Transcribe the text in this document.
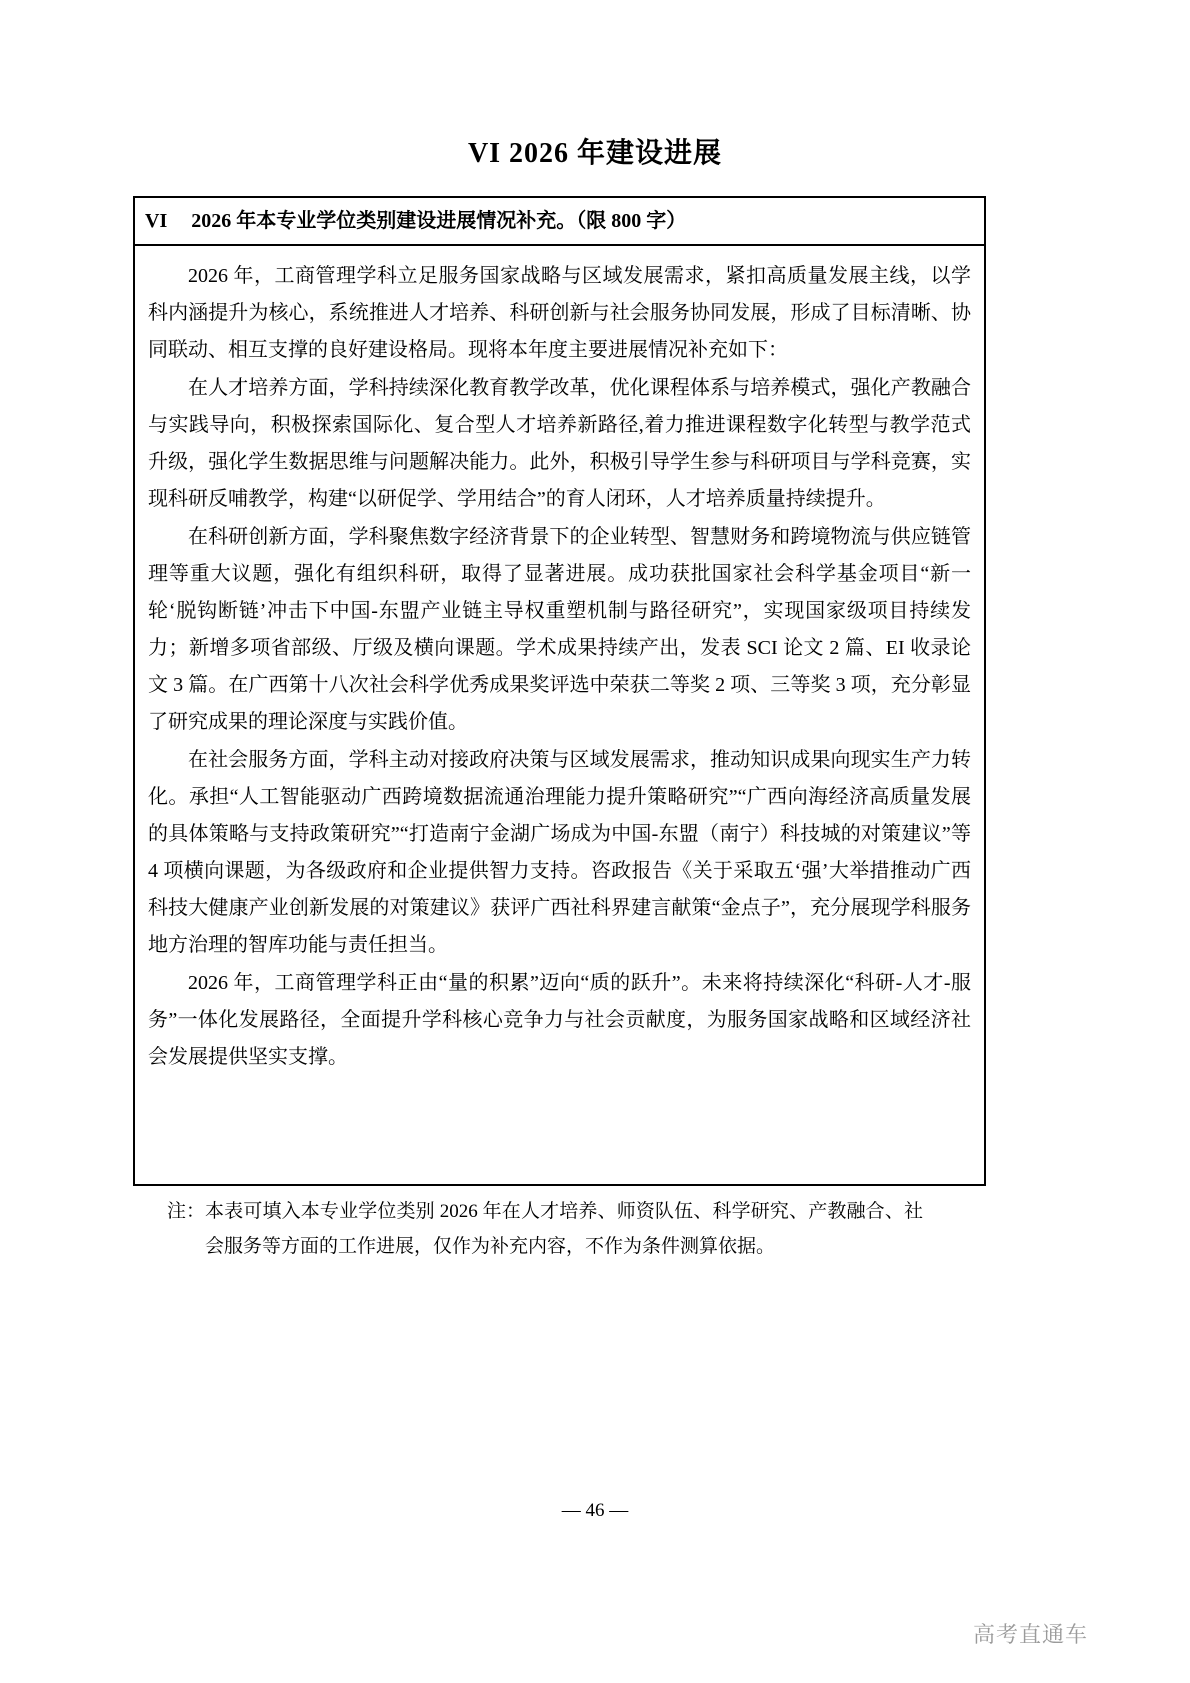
VI 2026 年建设进展
VI 2026 年本专业学位类别建设进展情况补充。（限 800 字）

2026 年，工商管理学科立足服务国家战略与区域发展需求，紧扣高质量发展主线，以学科内涵提升为核心，系统推进人才培养、科研创新与社会服务协同发展，形成了目标清晰、协同联动、相互支撑的良好建设格局。现将本年度主要进展情况补充如下：

在人才培养方面，学科持续深化教育教学改革，优化课程体系与培养模式，强化产教融合与实践导向，积极探索国际化、复合型人才培养新路径,着力推进课程数字化转型与教学范式升级，强化学生数据思维与问题解决能力。此外，积极引导学生参与科研项目与学科竞赛，实现科研反哺教学，构建“以研促学、学用结合”的育人闭环，人才培养质量持续提升。

在科研创新方面，学科聚焦数字经济背景下的企业转型、智慧财务和跨境物流与供应链管理等重大议题，强化有组织科研，取得了显著进展。成功获批国家社会科学基金项目“新一轮‘脱钩断链’冲击下中国-东盟产业链主导权重塑机制与路径研究”，实现国家级项目持续发力；新增多项省部级、厅级及横向课题。学术成果持续产出，发表 SCI 论文 2 篇、EI 收录论文 3 篇。在广西第十八次社会科学优秀成果奖评选中荣获二等奖 2 项、三等奖 3 项，充分彰显了研究成果的理论深度与实践价值。

在社会服务方面，学科主动对接政府决策与区域发展需求，推动知识成果向现实生产力转化。承担“人工智能驱动广西跨境数据流通治理能力提升策略研究”“广西向海经济高质量发展的具体策略与支持政策研究”“打造南宁金湖广场成为中国-东盟（南宁）科技城的对策建议”等 4 项横向课题，为各级政府和企业提供智力支持。咨政报告《关于采取五‘强’大举措推动广西科技大健康产业创新发展的对策建议》获评广西社科界建言献策“金点子”，充分展现学科服务地方治理的智库功能与责任担当。

2026 年，工商管理学科正由“量的积累”迈向“质的跃升”。未来将持续深化“科研-人才-服务”一体化发展路径，全面提升学科核心竞争力与社会贡献度，为服务国家战略和区域经济社会发展提供坚实支撑。

注： 本表可填入本专业学位类别 2026 年在人才培养、师资队伍、科学研究、产教融合、社会服务等方面的工作进展，仅作为补充内容，不作为条件测算依据。
— 46 —
高考直通车
